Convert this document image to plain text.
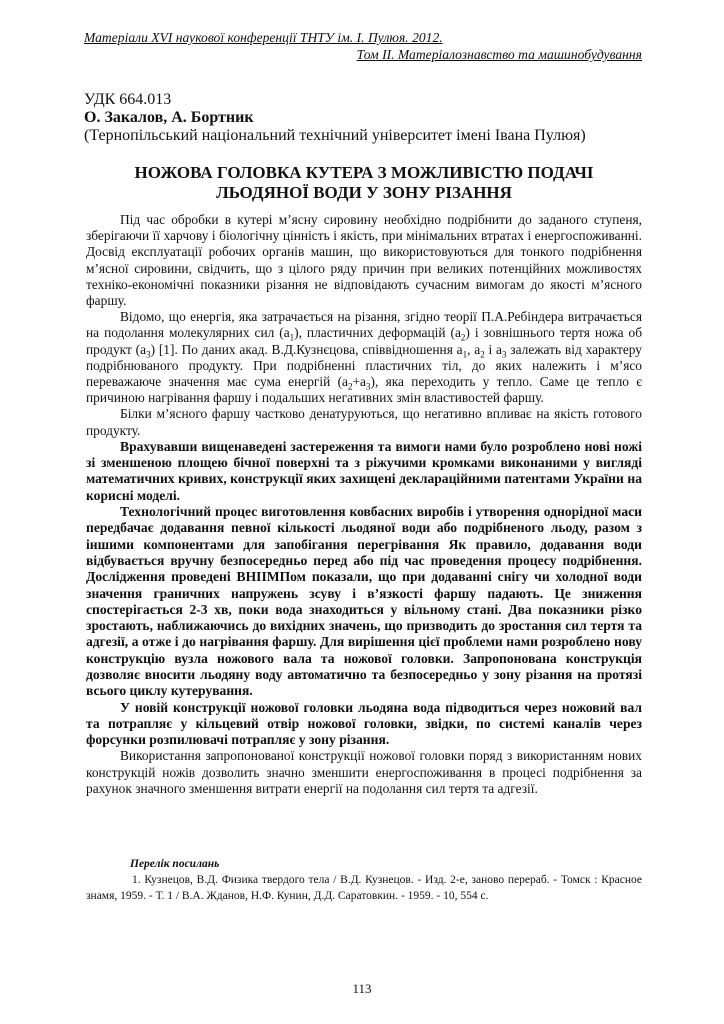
Матеріали XVI наукової конференції ТНТУ ім. І. Пулюя. 2012.
Том II. Матеріалознавство та машинобудування
УДК 664.013
О. Закалов, А. Бортник
(Тернопільський національний технічний університет імені Івана Пулюя)
НОЖОВА ГОЛОВКА КУТЕРА З МОЖЛИВІСТЮ ПОДАЧІ
ЛЬОДЯНОЇ ВОДИ У ЗОНУ РІЗАННЯ

Під час обробки в кутері м’ясну сировину необхідно подрібнити до заданого ступеня, зберігаючи її харчову і біологічну цінність і якість, при мінімальних втратах і енергоспоживанні. Досвід експлуатації робочих органів машин, що використовуються для тонкого подрібнення м’ясної сировини, свідчить, що з цілого ряду причин при великих потенційних можливостях техніко-економічні показники різання не відповідають сучасним вимогам до якості м’ясного фаршу.

Відомо, що енергія, яка затрачається на різання, згідно теорії П.А.Ребіндера витрачається на подолання молекулярних сил $(а_1)$, пластичних деформацій $(а_2)$ і зовнішнього тертя ножа об продукт $(а_3)$ [1]. По даних акад. В.Д.Кузнєцова, співвідношення $а_1$, $а_2$ і $а_3$ залежать від характеру подрібнюваного продукту. При подрібненні пластичних тіл, до яких належить і м’ясо переважаюче значення має сума енергій $(а_2+а_3)$, яка переходить у тепло. Саме це тепло є причиною нагрівання фаршу і подальших негативних змін властивостей фаршу.

Білки м’ясного фаршу частково денатуруються, що негативно впливає на якість готового продукту.

Врахувавши вищенаведені застереження та вимоги нами було розроблено нові ножі зі зменшеною площею бічної поверхні та з ріжучими кромками виконаними у вигляді математичних кривих, конструкції яких захищені деклараційними патентами України на корисні моделі.

Технологічний процес виготовлення ковбасних виробів і утворення однорідної маси передбачає додавання певної кількості льодяної води або подрібненого льоду, разом з іншими компонентами для запобігання перегрівання Як правило, додавання води відбувається вручну безпосередньо перед або під час проведення процесу подрібнення. Дослідження проведені ВНІІМПом показали, що при додаванні снігу чи холодної води значення граничних напружень зсуву і в’язкості фаршу падають. Це зниження спостерігається 2-3 хв, поки вода знаходиться у вільному стані. Два показники різко зростають, наближаючись до вихідних значень, що призводить до зростання сил тертя та адгезії, а отже і до нагрівання фаршу. Для вирішення цієї проблеми нами розроблено нову конструкцію вузла ножового вала та ножової головки. Запропонована конструкція дозволяє вносити льодяну воду автоматично та безпосередньо у зону різання на протязі всього циклу кутерування.

У новій конструкції ножової головки льодяна вода підводиться через ножовий вал та потрапляє у кільцевий отвір ножової головки, звідки, по системі каналів через форсунки розпилювачі потрапляє у зону різання.

Використання запропонованої конструкції ножової головки поряд з використанням нових конструкцій ножів дозволить значно зменшити енергоспоживання в процесі подрібнення за рахунок значного зменшення витрати енергії на подолання сил тертя та адгезії.

Перелік посилань
1. Кузнецов, В.Д. Физика твердого тела / В.Д. Кузнецов. - Изд. 2-е, заново перераб. - Томск : Красное знамя, 1959. - Т. 1 / В.А. Жданов, Н.Ф. Кунин, Д.Д. Саратовкин. - 1959. - 10, 554 с.
113
